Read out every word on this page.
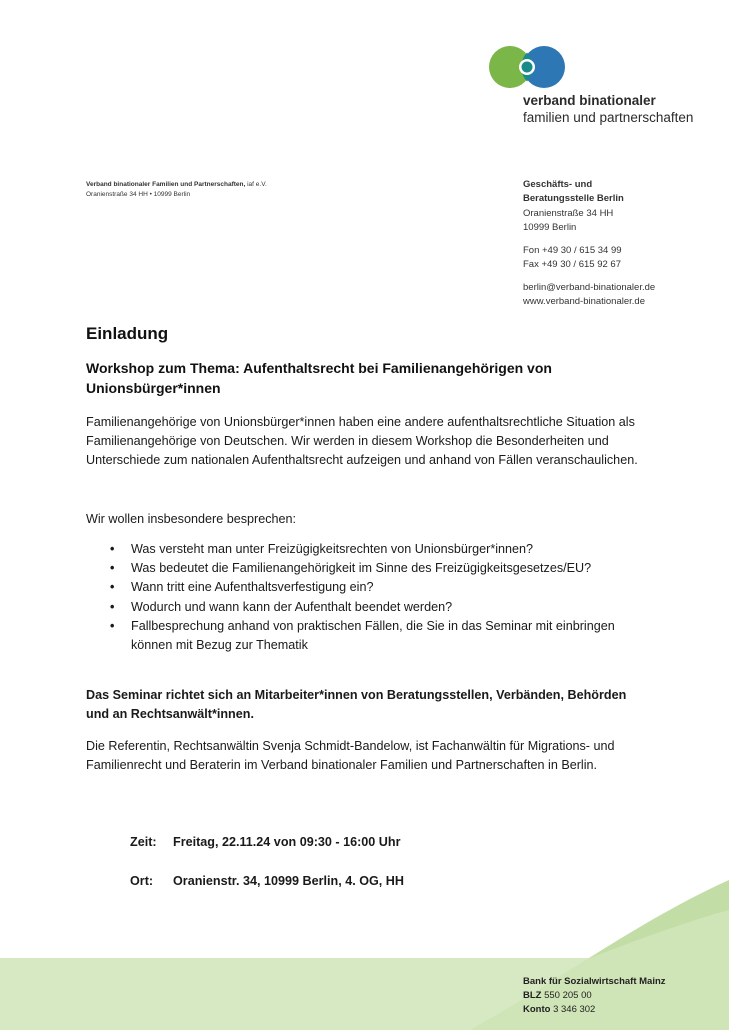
verband binationaler
familien und partnerschaften
Verband binationaler Familien und Partnerschaften, iaf e.V.
Oranienstraße 34 HH • 10999 Berlin
Geschäfts- und
Beratungsstelle Berlin
Oranienstraße 34 HH
10999 Berlin
Fon +49 30 / 615 34 99
Fax +49 30 / 615 92 67
berlin@verband-binationaler.de
www.verband-binationaler.de
Einladung
Workshop zum Thema: Aufenthaltsrecht bei Familienangehörigen von Unionsbürger*innen

Familienangehörige von Unionsbürger*innen haben eine andere aufenthaltsrechtliche Situation als Familienangehörige von Deutschen. Wir werden in diesem Workshop die Besonderheiten und Unterschiede zum nationalen Aufenthaltsrecht aufzeigen und anhand von Fällen veranschaulichen.

Wir wollen insbesondere besprechen:

• Was versteht man unter Freizügigkeitsrechten von Unionsbürger*innen?
• Was bedeutet die Familienangehörigkeit im Sinne des Freizügigkeitsgesetzes/EU?
• Wann tritt eine Aufenthaltsverfestigung ein?
• Wodurch und wann kann der Aufenthalt beendet werden?
• Fallbesprechung anhand von praktischen Fällen, die Sie in das Seminar mit einbringen können mit Bezug zur Thematik

Das Seminar richtet sich an Mitarbeiter*innen von Beratungsstellen, Verbänden, Behörden und an Rechtsanwält*innen.

Die Referentin, Rechtsanwältin Svenja Schmidt-Bandelow, ist Fachanwältin für Migrations- und Familienrecht und Beraterin im Verband binationaler Familien und Partnerschaften in Berlin.

Zeit: Freitag, 22.11.24 von 09:30 - 16:00 Uhr
Ort: Oranienstr. 34, 10999 Berlin, 4. OG, HH
Bank für Sozialwirtschaft Mainz
BLZ 550 205 00
Konto 3 346 302
